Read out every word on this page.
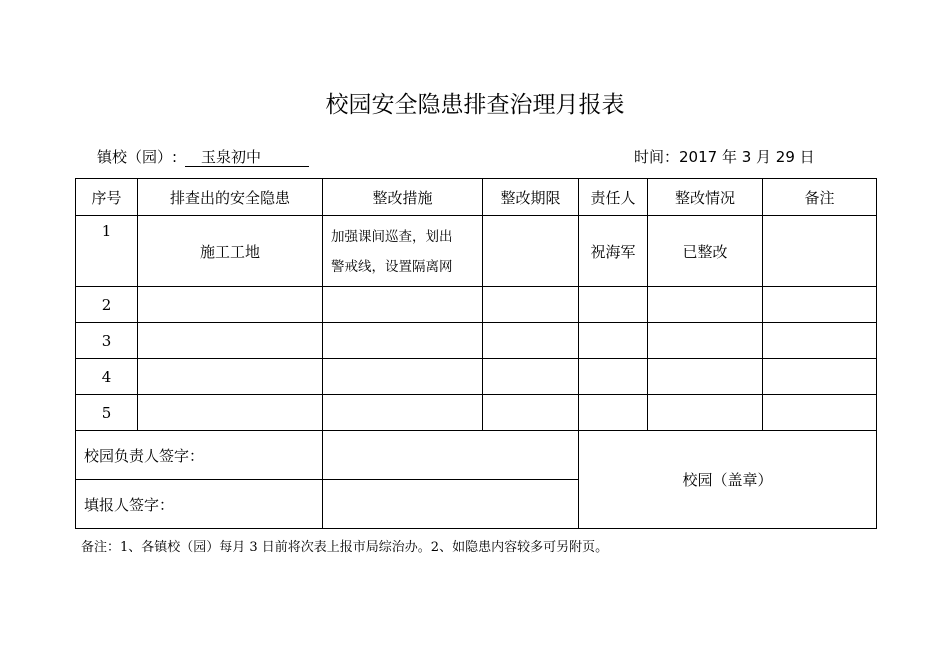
校园安全隐患排查治理月报表
镇校（园）:	玉泉初中	时间：2017 年 3 月 29 日
序号	排查出的安全隐患	整改措施	整改期限	责任人	整改情况	备注
1	施工工地	加强课间巡查，划出
警戒线，设置隔离网		祝海军	已整改	
2						
3						
4						
5						
校园负责人签字：				校园（盖章）		
填报人签字：						
备注：1、各镇校（园）每月 3 日前将次表上报市局综治办。2、如隐患内容较多可另附页。
